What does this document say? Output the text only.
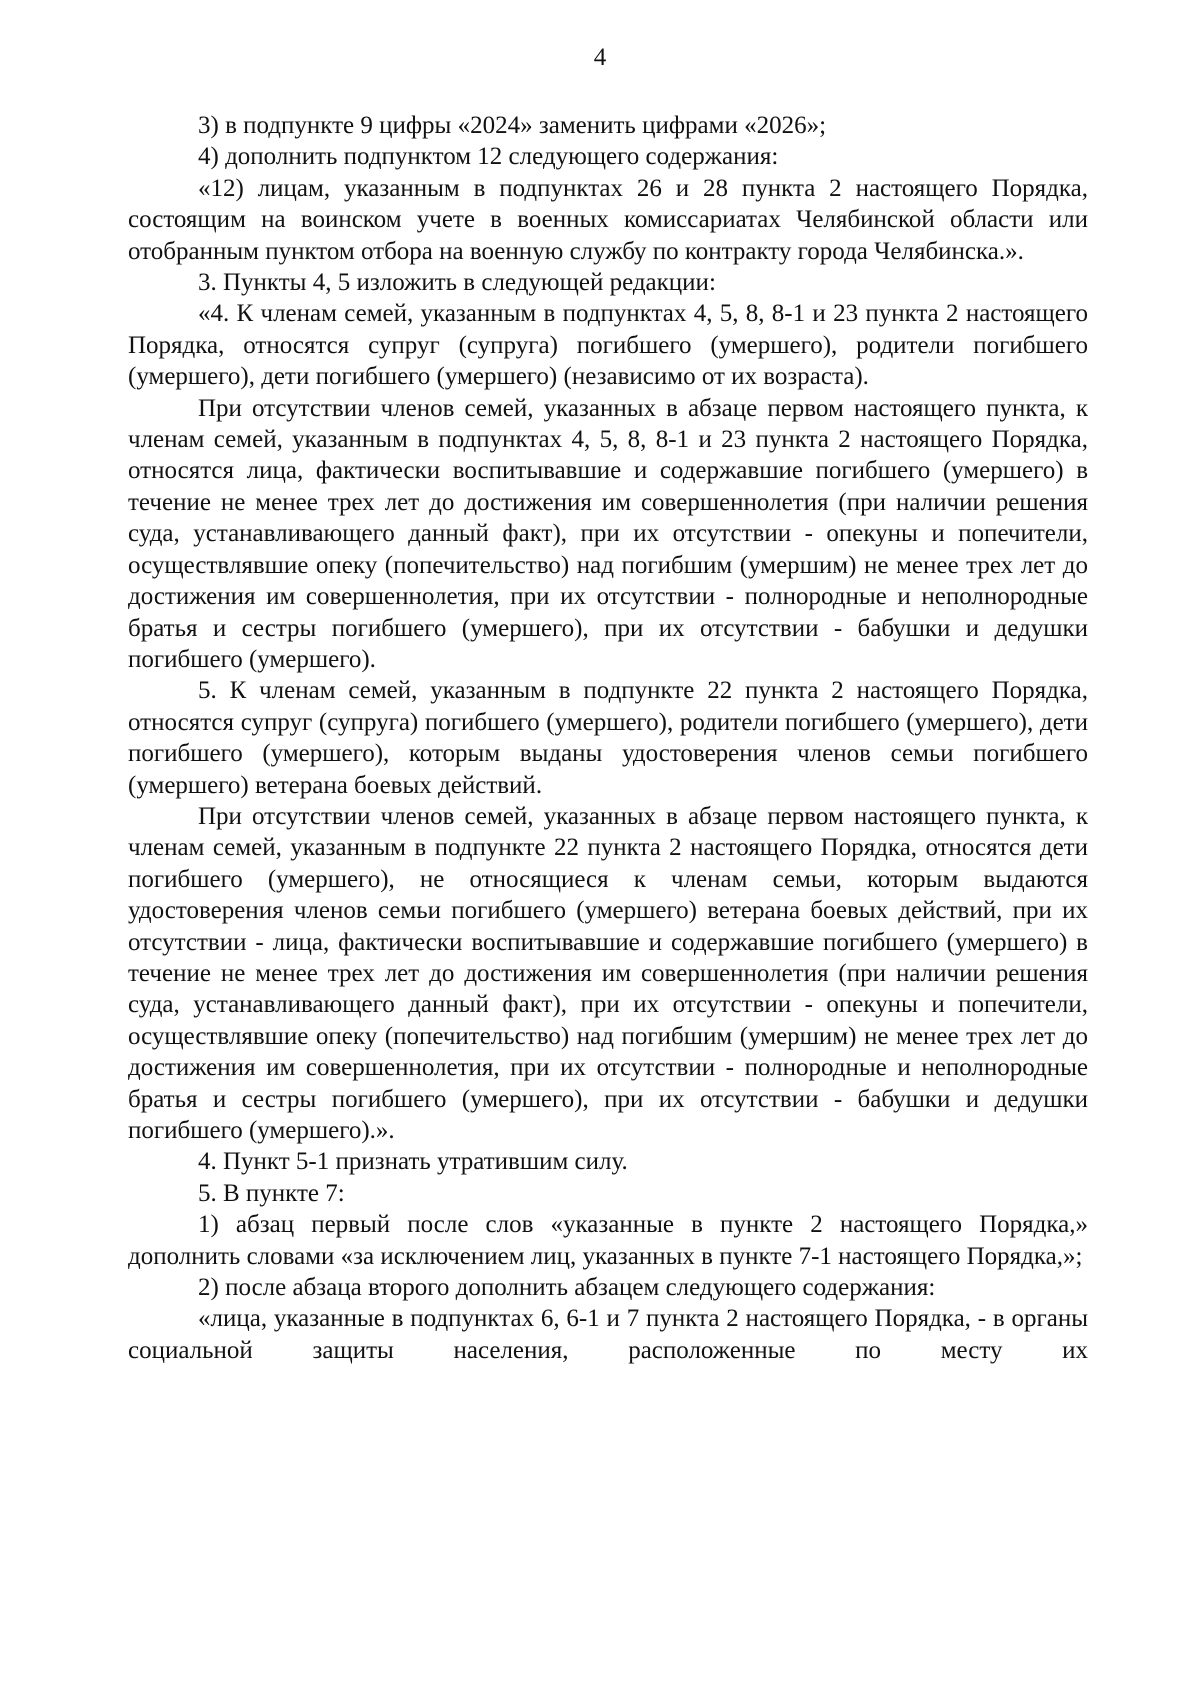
4

3) в подпункте 9 цифры «2024» заменить цифрами «2026»;

4) дополнить подпунктом 12 следующего содержания:

«12) лицам, указанным в подпунктах 26 и 28 пункта 2 настоящего Порядка, состоящим на воинском учете в военных комиссариатах Челябинской области или отобранным пунктом отбора на военную службу по контракту города Челябинска.».

3. Пункты 4, 5 изложить в следующей редакции:

«4. К членам семей, указанным в подпунктах 4, 5, 8, 8-1 и 23 пункта 2 настоящего Порядка, относятся супруг (супруга) погибшего (умершего), родители погибшего (умершего), дети погибшего (умершего) (независимо от их возраста).

При отсутствии членов семей, указанных в абзаце первом настоящего пункта, к членам семей, указанным в подпунктах 4, 5, 8, 8-1 и 23 пункта 2 настоящего Порядка, относятся лица, фактически воспитывавшие и содержавшие погибшего (умершего) в течение не менее трех лет до достижения им совершеннолетия (при наличии решения суда, устанавливающего данный факт), при их отсутствии - опекуны и попечители, осуществлявшие опеку (попечительство) над погибшим (умершим) не менее трех лет до достижения им совершеннолетия, при их отсутствии - полнородные и неполнородные братья и сестры погибшего (умершего), при их отсутствии - бабушки и дедушки погибшего (умершего).

5. К членам семей, указанным в подпункте 22 пункта 2 настоящего Порядка, относятся супруг (супруга) погибшего (умершего), родители погибшего (умершего), дети погибшего (умершего), которым выданы удостоверения членов семьи погибшего (умершего) ветерана боевых действий.

При отсутствии членов семей, указанных в абзаце первом настоящего пункта, к членам семей, указанным в подпункте 22 пункта 2 настоящего Порядка, относятся дети погибшего (умершего), не относящиеся к членам семьи, которым выдаются удостоверения членов семьи погибшего (умершего) ветерана боевых действий, при их отсутствии - лица, фактически воспитывавшие и содержавшие погибшего (умершего) в течение не менее трех лет до достижения им совершеннолетия (при наличии решения суда, устанавливающего данный факт), при их отсутствии - опекуны и попечители, осуществлявшие опеку (попечительство) над погибшим (умершим) не менее трех лет до достижения им совершеннолетия, при их отсутствии - полнородные и неполнородные братья и сестры погибшего (умершего), при их отсутствии - бабушки и дедушки погибшего (умершего).».

4. Пункт 5-1 признать утратившим силу.

5. В пункте 7:

1) абзац первый после слов «указанные в пункте 2 настоящего Порядка,» дополнить словами «за исключением лиц, указанных в пункте 7-1 настоящего Порядка,»;

2) после абзаца второго дополнить абзацем следующего содержания:

«лица, указанные в подпунктах 6, 6-1 и 7 пункта 2 настоящего Порядка, - в органы социальной защиты населения, расположенные по месту их
